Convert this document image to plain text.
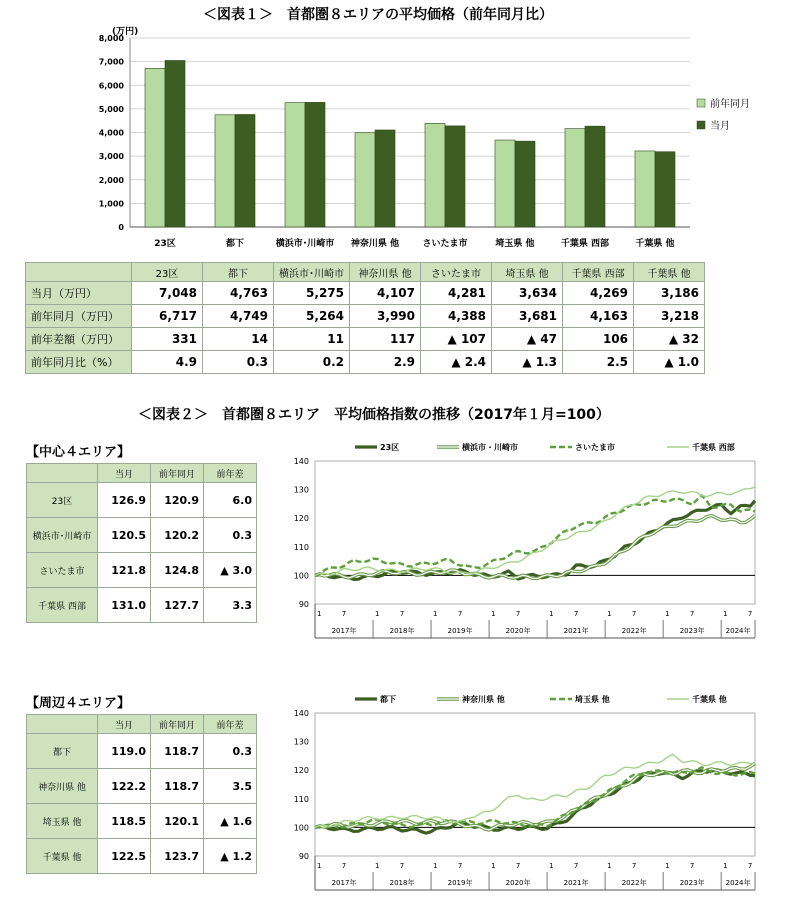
＜図表１＞　首都圏８エリアの平均価格（前年同月比）
(万円)
0
1,000
2,000
3,000
4,000
5,000
6,000
7,000
8,000
23区	都下	横浜市･川崎市 神奈川県 他	さいたま市	埼玉県 他	千葉県 西部	千葉県 他
前年同月
当月
	23区	都下	横浜市･川崎市	神奈川県 他	さいたま市	埼玉県 他	千葉県 西部	千葉県 他
当月（万円）	7,048	4,763	5,275	4,107	4,281	3,634	4,269	3,186
前年同月（万円）	6,717	4,749	5,264	3,990	4,388	3,681	4,163	3,218
前年差額（万円）	331	14	11	117	▲ 107	▲ 47	106	▲ 32
前年同月比（%）	4.9	0.3	0.2	2.9	▲ 2.4	▲ 1.3	2.5	▲ 1.0
＜図表２＞　首都圏８エリア　平均価格指数の推移（2017年１月=100）
【中心４エリア】
	当月	前年同月	前年差
23区	126.9	120.9	6.0
横浜市･川崎市	120.5	120.2	0.3
さいたま市	121.8	124.8	▲ 3.0
千葉県 西部	131.0	127.7	3.3
【周辺４エリア】
	当月	前年同月	前年差
都下	119.0	118.7	0.3
神奈川県 他	122.2	118.7	3.5
埼玉県 他	118.5	120.1	▲ 1.6
千葉県 他	122.5	123.7	▲ 1.2
90
100
110
120
130
140
1	7
2017年
1	7
2018年
1	7
2019年
1	7
2020年
1	7
2021年
1	7
2022年
1	7
2023年
1	7
2024年
23区	横浜市・川崎市	さいたま市	千葉県 西部
90
100
110
120
130
140
1	7
2017年
1	7
2018年
1	7
2019年
1	7
2020年
1	7
2021年
1	7
2022年
1	7
2023年
1	7
2024年
都下	神奈川県 他	埼玉県 他	千葉県 他
